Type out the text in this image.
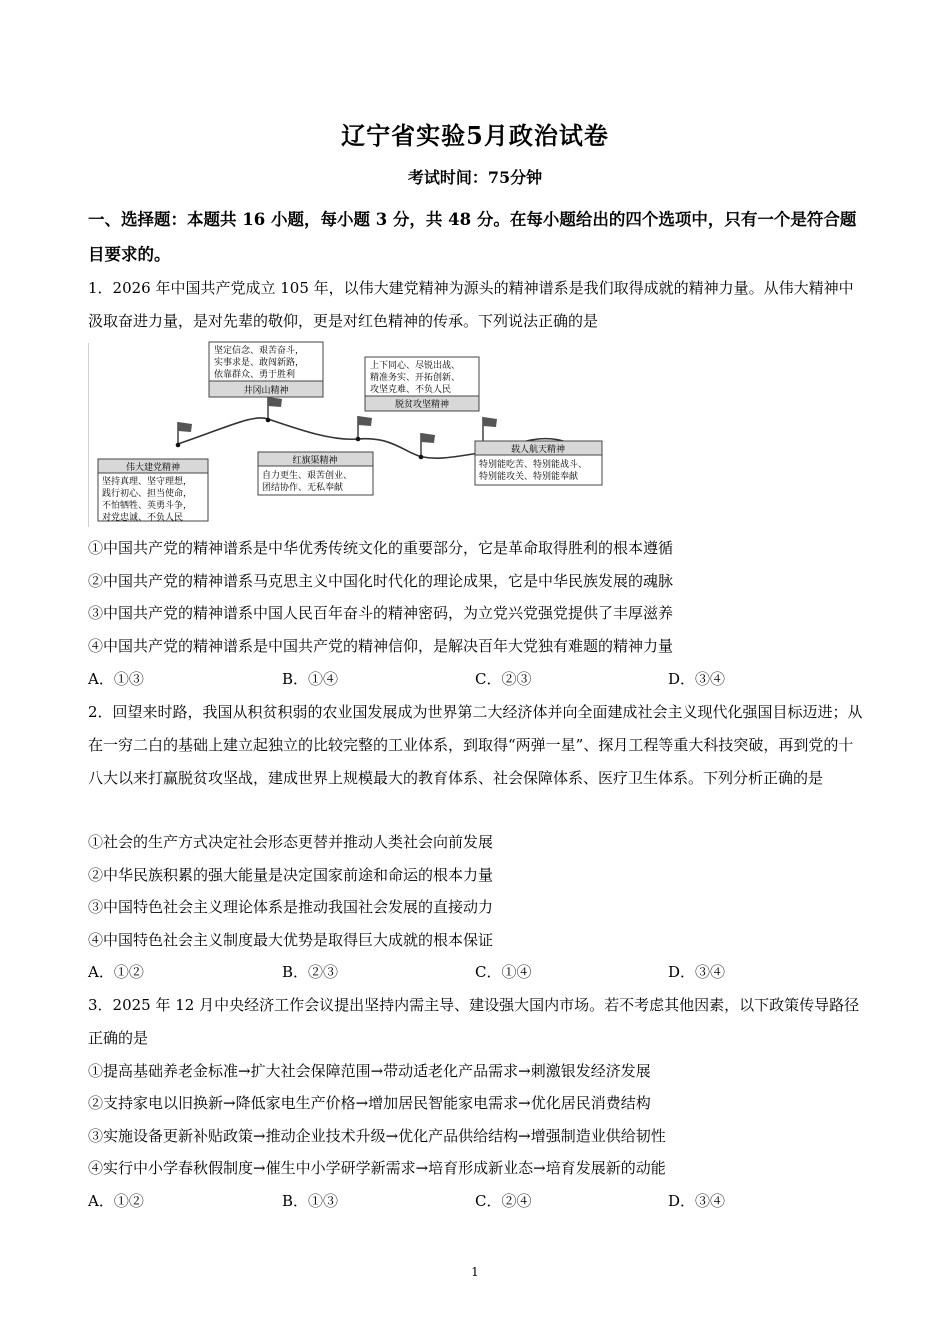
辽宁省实验5月政治试卷
考试时间：75分钟
一、选择题：本题共 16 小题，每小题 3 分，共 48 分。在每小题给出的四个选项中，只有一个是符合题目要求的。
1．2026 年中国共产党成立 105 年，以伟大建党精神为源头的精神谱系是我们取得成就的精神力量。从伟大精神中汲取奋进力量，是对先辈的敬仰，更是对红色精神的传承。下列说法正确的是
坚定信念、艰苦奋斗，
实事求是、敢闯新路，
依靠群众、勇于胜利
井冈山精神
上下同心、尽锐出战、
精准务实、开拓创新、
攻坚克难、不负人民
脱贫攻坚精神
伟大建党精神
坚持真理、坚守理想，
践行初心、担当使命，
不怕牺牲、英勇斗争，
对党忠诚、不负人民
红旗渠精神
自力更生、艰苦创业、
团结协作、无私奉献
载人航天精神
特别能吃苦、特别能战斗、
特别能攻关、特别能奉献
①中国共产党的精神谱系是中华优秀传统文化的重要部分，它是革命取得胜利的根本遵循
②中国共产党的精神谱系马克思主义中国化时代化的理论成果，它是中华民族发展的魂脉
③中国共产党的精神谱系中国人民百年奋斗的精神密码，为立党兴党强党提供了丰厚滋养
④中国共产党的精神谱系是中国共产党的精神信仰，是解决百年大党独有难题的精神力量
A．①③	B．①④	C．②③	D．③④
2．回望来时路，我国从积贫积弱的农业国发展成为世界第二大经济体并向全面建成社会主义现代化强国目标迈进；从在一穷二白的基础上建立起独立的比较完整的工业体系，到取得“两弹一星”、探月工程等重大科技突破，再到党的十八大以来打赢脱贫攻坚战，建成世界上规模最大的教育体系、社会保障体系、医疗卫生体系。下列分析正确的是
①社会的生产方式决定社会形态更替并推动人类社会向前发展
②中华民族积累的强大能量是决定国家前途和命运的根本力量
③中国特色社会主义理论体系是推动我国社会发展的直接动力
④中国特色社会主义制度最大优势是取得巨大成就的根本保证
A．①②	B．②③	C．①④	D．③④
3．2025 年 12 月中央经济工作会议提出坚持内需主导、建设强大国内市场。若不考虑其他因素，以下政策传导路径正确的是
①提高基础养老金标准→扩大社会保障范围→带动适老化产品需求→刺激银发经济发展
②支持家电以旧换新→降低家电生产价格→增加居民智能家电需求→优化居民消费结构
③实施设备更新补贴政策→推动企业技术升级→优化产品供给结构→增强制造业供给韧性
④实行中小学春秋假制度→催生中小学研学新需求→培育形成新业态→培育发展新的动能
A．①②	B．①③	C．②④	D．③④
1
